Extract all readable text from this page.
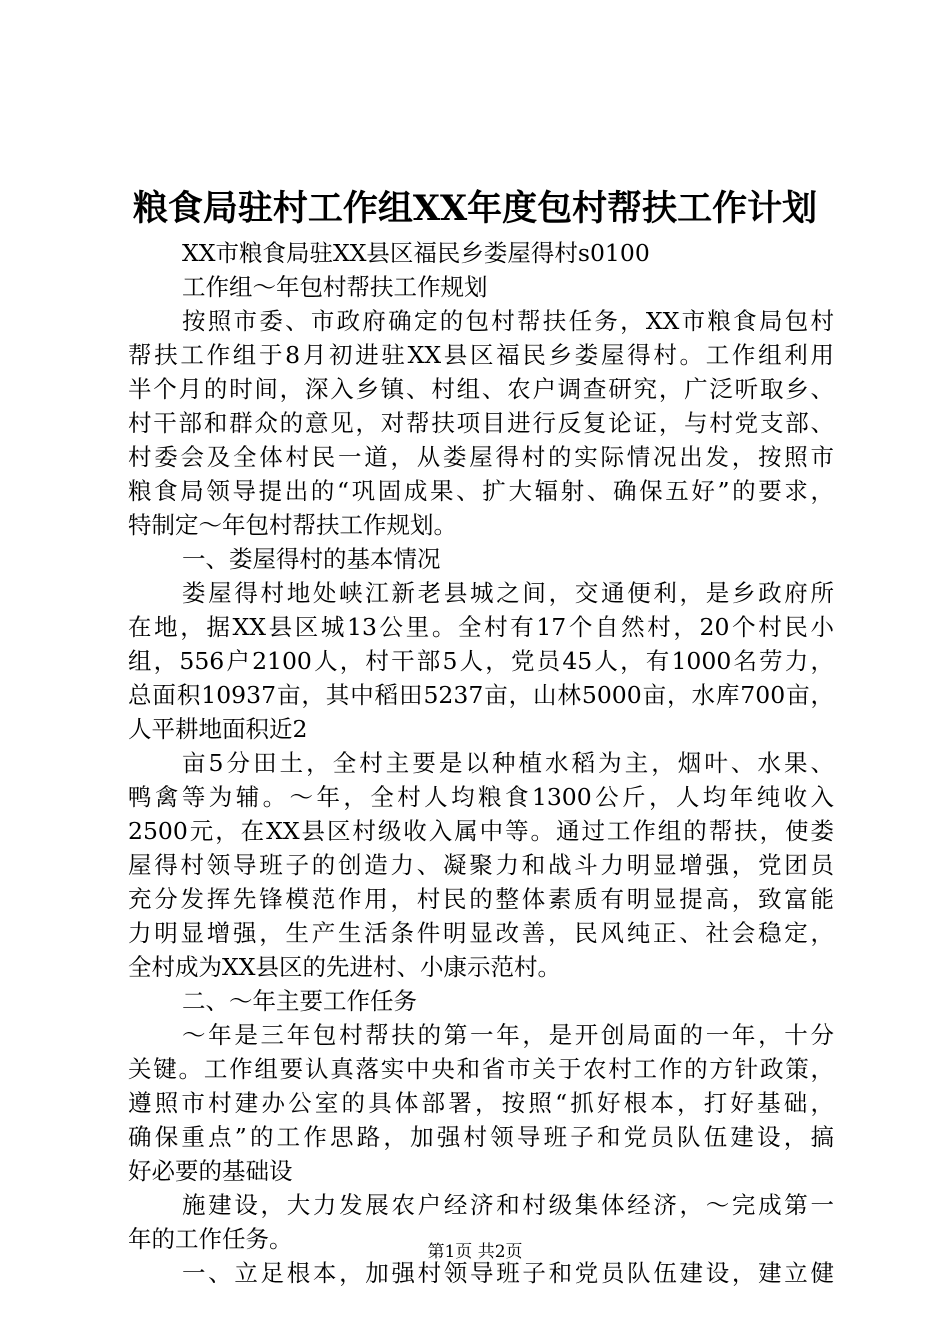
粮食局驻村工作组XX年度包村帮扶工作计划
XX市粮食局驻XX县区福民乡娄屋得村s0100
工作组～年包村帮扶工作规划
按照市委、市政府确定的包村帮扶任务，XX市粮食局包村
帮扶工作组于8月初进驻XX县区福民乡娄屋得村。工作组利用
半个月的时间，深入乡镇、村组、农户调查研究，广泛听取乡、
村干部和群众的意见，对帮扶项目进行反复论证，与村党支部、
村委会及全体村民一道，从娄屋得村的实际情况出发，按照市
粮食局领导提出的“巩固成果、扩大辐射、确保五好”的要求，
特制定～年包村帮扶工作规划。
一、娄屋得村的基本情况
娄屋得村地处峡江新老县城之间，交通便利，是乡政府所
在地，据XX县区城13公里。全村有17个自然村，20个村民小
组，556户2100人，村干部5人，党员45人，有1000名劳力，
总面积10937亩，其中稻田5237亩，山林5000亩，水库700亩，
人平耕地面积近2
亩5分田土，全村主要是以种植水稻为主，烟叶、水果、
鸭禽等为辅。～年，全村人均粮食1300公斤，人均年纯收入
2500元，在XX县区村级收入属中等。通过工作组的帮扶，使娄
屋得村领导班子的创造力、凝聚力和战斗力明显增强，党团员
充分发挥先锋模范作用，村民的整体素质有明显提高，致富能
力明显增强，生产生活条件明显改善，民风纯正、社会稳定，
全村成为XX县区的先进村、小康示范村。
二、～年主要工作任务
～年是三年包村帮扶的第一年，是开创局面的一年，十分
关键。工作组要认真落实中央和省市关于农村工作的方针政策，
遵照市村建办公室的具体部署，按照“抓好根本，打好基础，
确保重点”的工作思路，加强村领导班子和党员队伍建设，搞
好必要的基础设
施建设，大力发展农户经济和村级集体经济，～完成第一
年的工作任务。
一、立足根本，加强村领导班子和党员队伍建设，建立健
第1页 共2页
